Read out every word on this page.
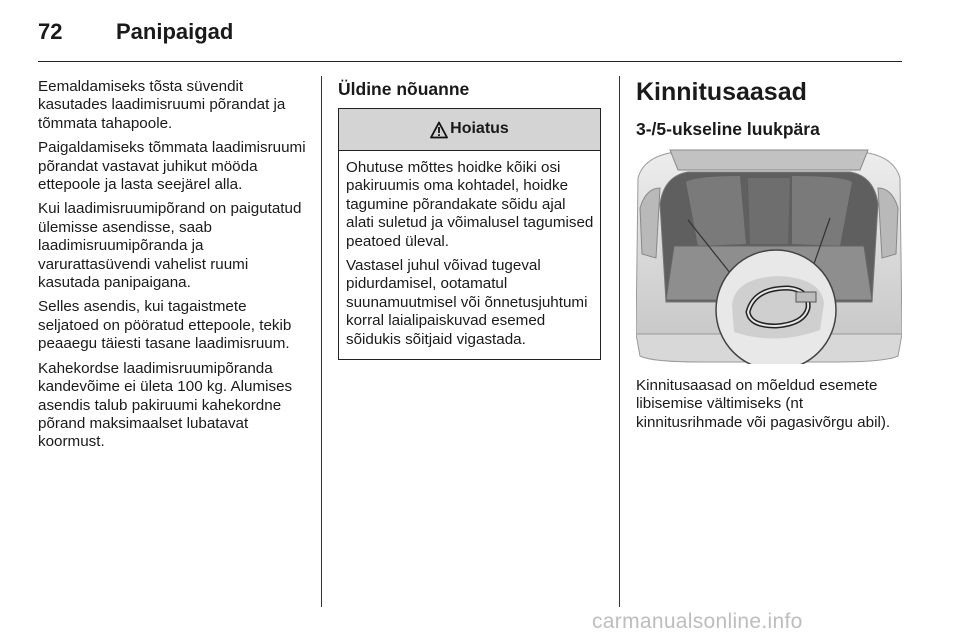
72 Panipaigad

Eemaldamiseks tõsta süvendit kasutades laadimisruumi põrandat ja tõmmata tahapoole.

Paigaldamiseks tõmmata laadimisruumi põrandat vastavat juhikut mööda ettepoole ja lasta seejärel alla.

Kui laadimisruumipõrand on paigutatud ülemisse asendisse, saab laadimisruumipõranda ja varurattasüvendi vahelist ruumi kasutada panipaigana.

Selles asendis, kui tagaistmete seljatoed on pööratud ettepoole, tekib peaaegu täiesti tasane laadimisruum.

Kahekordse laadimisruumipõranda kandevõime ei ületa 100 kg. Alumises asendis talub pakiruumi kahekordne põrand maksimaalset lubatavat koormust.

Üldine nõuanne
Hoiatus

Ohutuse mõttes hoidke kõiki osi pakiruumis oma kohtadel, hoidke tagumine põrandakate sõidu ajal alati suletud ja võimalusel tagumised peatoed üleval.

Vastasel juhul võivad tugeval pidurdamisel, ootamatul suunamuutmisel või õnnetusjuhtumi korral laialipaiskuvad esemed sõidukis sõitjaid vigastada.

Kinnitusaasad
3-/5-ukseline luukpära

Kinnitusaasad on mõeldud esemete libisemise vältimiseks (nt kinnitusrihmade või pagasivõrgu abil).

carmanualsonline.info
